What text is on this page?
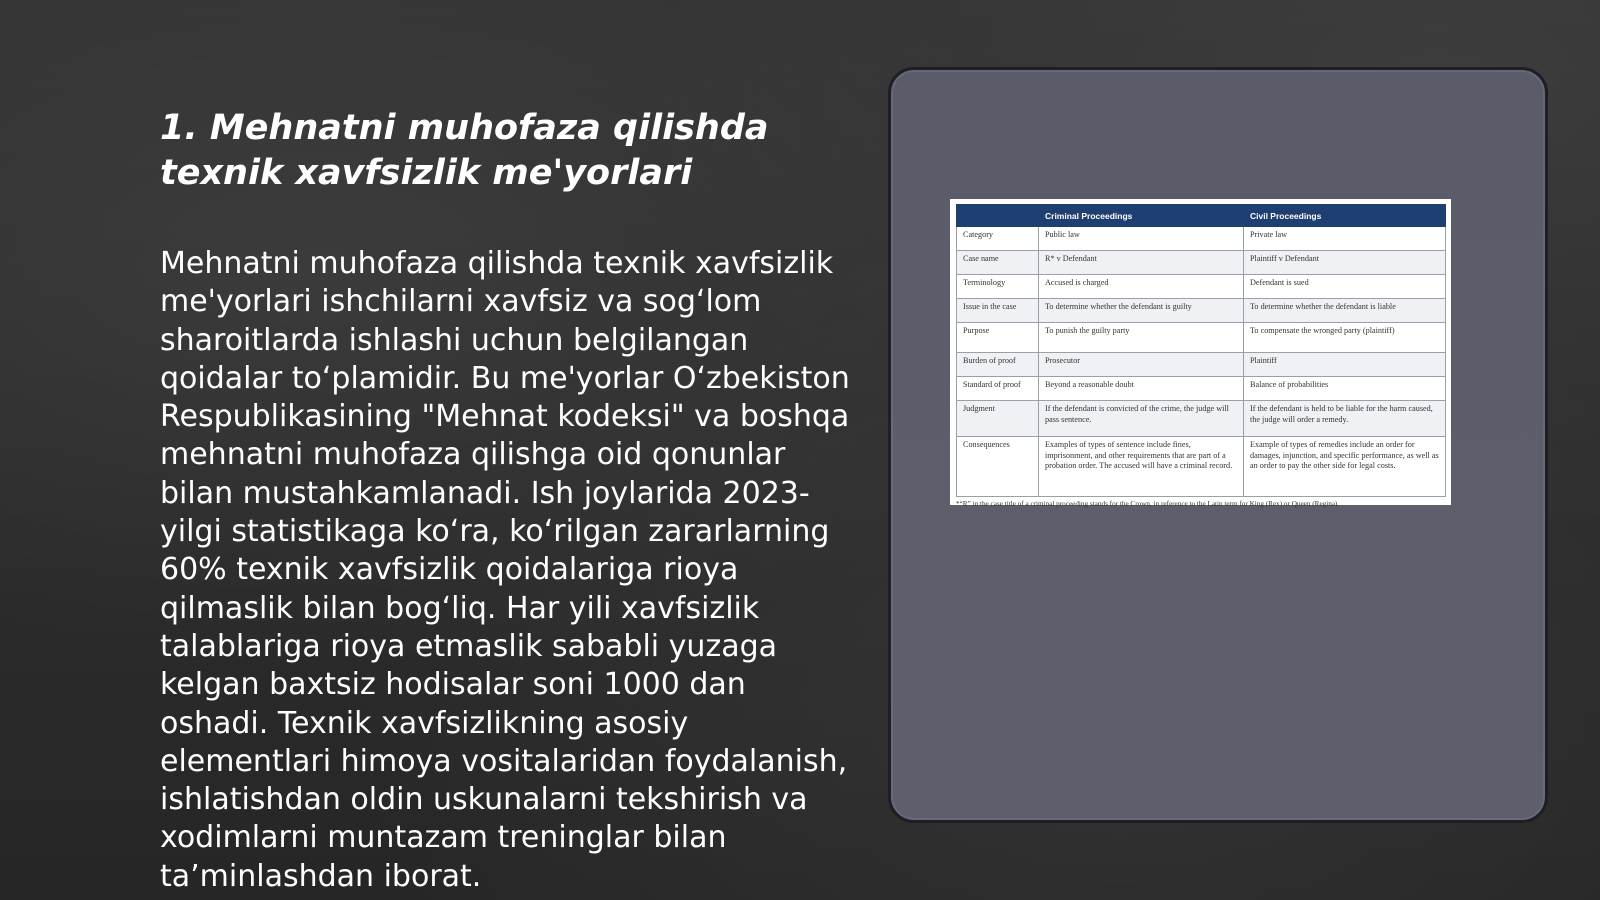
1. Mehnatni muhofaza qilishda texnik xavfsizlik me'yorlari

Mehnatni muhofaza qilishda texnik xavfsizlik me'yorlari ishchilarni xavfsiz va sog‘lom sharoitlarda ishlashi uchun belgilangan qoidalar to‘plamidir. Bu me'yorlar O‘zbekiston Respublikasining "Mehnat kodeksi" va boshqa mehnatni muhofaza qilishga oid qonunlar bilan mustahkamlanadi. Ish joylarida 2023-yilgi statistikaga ko‘ra, ko‘rilgan zararlarning 60% texnik xavfsizlik qoidalariga rioya qilmaslik bilan bog‘liq. Har yili xavfsizlik talablariga rioya etmaslik sababli yuzaga kelgan baxtsiz hodisalar soni 1000 dan oshadi. Texnik xavfsizlikning asosiy elementlari himoya vositalaridan foydalanish, ishlatishdan oldin uskunalarni tekshirish va xodimlarni muntazam treninglar bilan ta’minlashdan iborat.

	Criminal Proceedings	Civil Proceedings
Category	Public law	Private law
Case name	R* v Defendant	Plaintiff v Defendant
Terminology	Accused is charged	Defendant is sued
Issue in the case	To determine whether the defendant is guilty	To determine whether the defendant is liable
Purpose	To punish the guilty party	To compensate the wronged party (plaintiff)
Burden of proof	Prosecutor	Plaintiff
Standard of proof	Beyond a reasonable doubt	Balance of probabilities
Judgment	If the defendant is convicted of the crime, the judge will pass sentence.	If the defendant is held to be liable for the harm caused, the judge will order a remedy.
Consequences	Examples of types of sentence include fines, imprisonment, and other requirements that are part of a probation order. The accused will have a criminal record.	Example of types of remedies include an order for damages, injunction, and specific performance, as well as an order to pay the other side for legal costs.
*“R” in the case title of a criminal proceeding stands for the Crown, in reference to the Latin term for King (Rex) or Queen (Regina).
